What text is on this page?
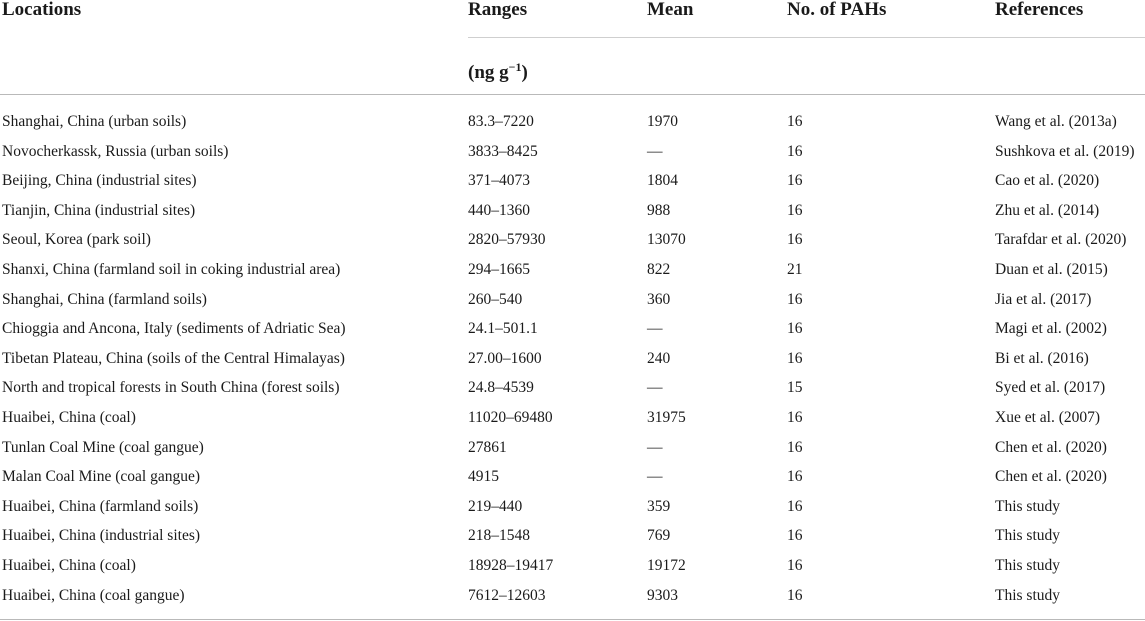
Locations	Ranges	Mean	No. of PAHs	References
(ng $g^{-1}$)
Shanghai, China (urban soils)	83.3–7220	1970	16	Wang et al. (2013a)
Novocherkassk, Russia (urban soils)	3833–8425	—	16	Sushkova et al. (2019)
Beijing, China (industrial sites)	371–4073	1804	16	Cao et al. (2020)
Tianjin, China (industrial sites)	440–1360	988	16	Zhu et al. (2014)
Seoul, Korea (park soil)	2820–57930	13070	16	Tarafdar et al. (2020)
Shanxi, China (farmland soil in coking industrial area)	294–1665	822	21	Duan et al. (2015)
Shanghai, China (farmland soils)	260–540	360	16	Jia et al. (2017)
Chioggia and Ancona, Italy (sediments of Adriatic Sea)	24.1–501.1	—	16	Magi et al. (2002)
Tibetan Plateau, China (soils of the Central Himalayas)	27.00–1600	240	16	Bi et al. (2016)
North and tropical forests in South China (forest soils)	24.8–4539	—	15	Syed et al. (2017)
Huaibei, China (coal)	11020–69480	31975	16	Xue et al. (2007)
Tunlan Coal Mine (coal gangue)	27861	—	16	Chen et al. (2020)
Malan Coal Mine (coal gangue)	4915	—	16	Chen et al. (2020)
Huaibei, China (farmland soils)	219–440	359	16	This study
Huaibei, China (industrial sites)	218–1548	769	16	This study
Huaibei, China (coal)	18928–19417	19172	16	This study
Huaibei, China (coal gangue)	7612–12603	9303	16	This study
